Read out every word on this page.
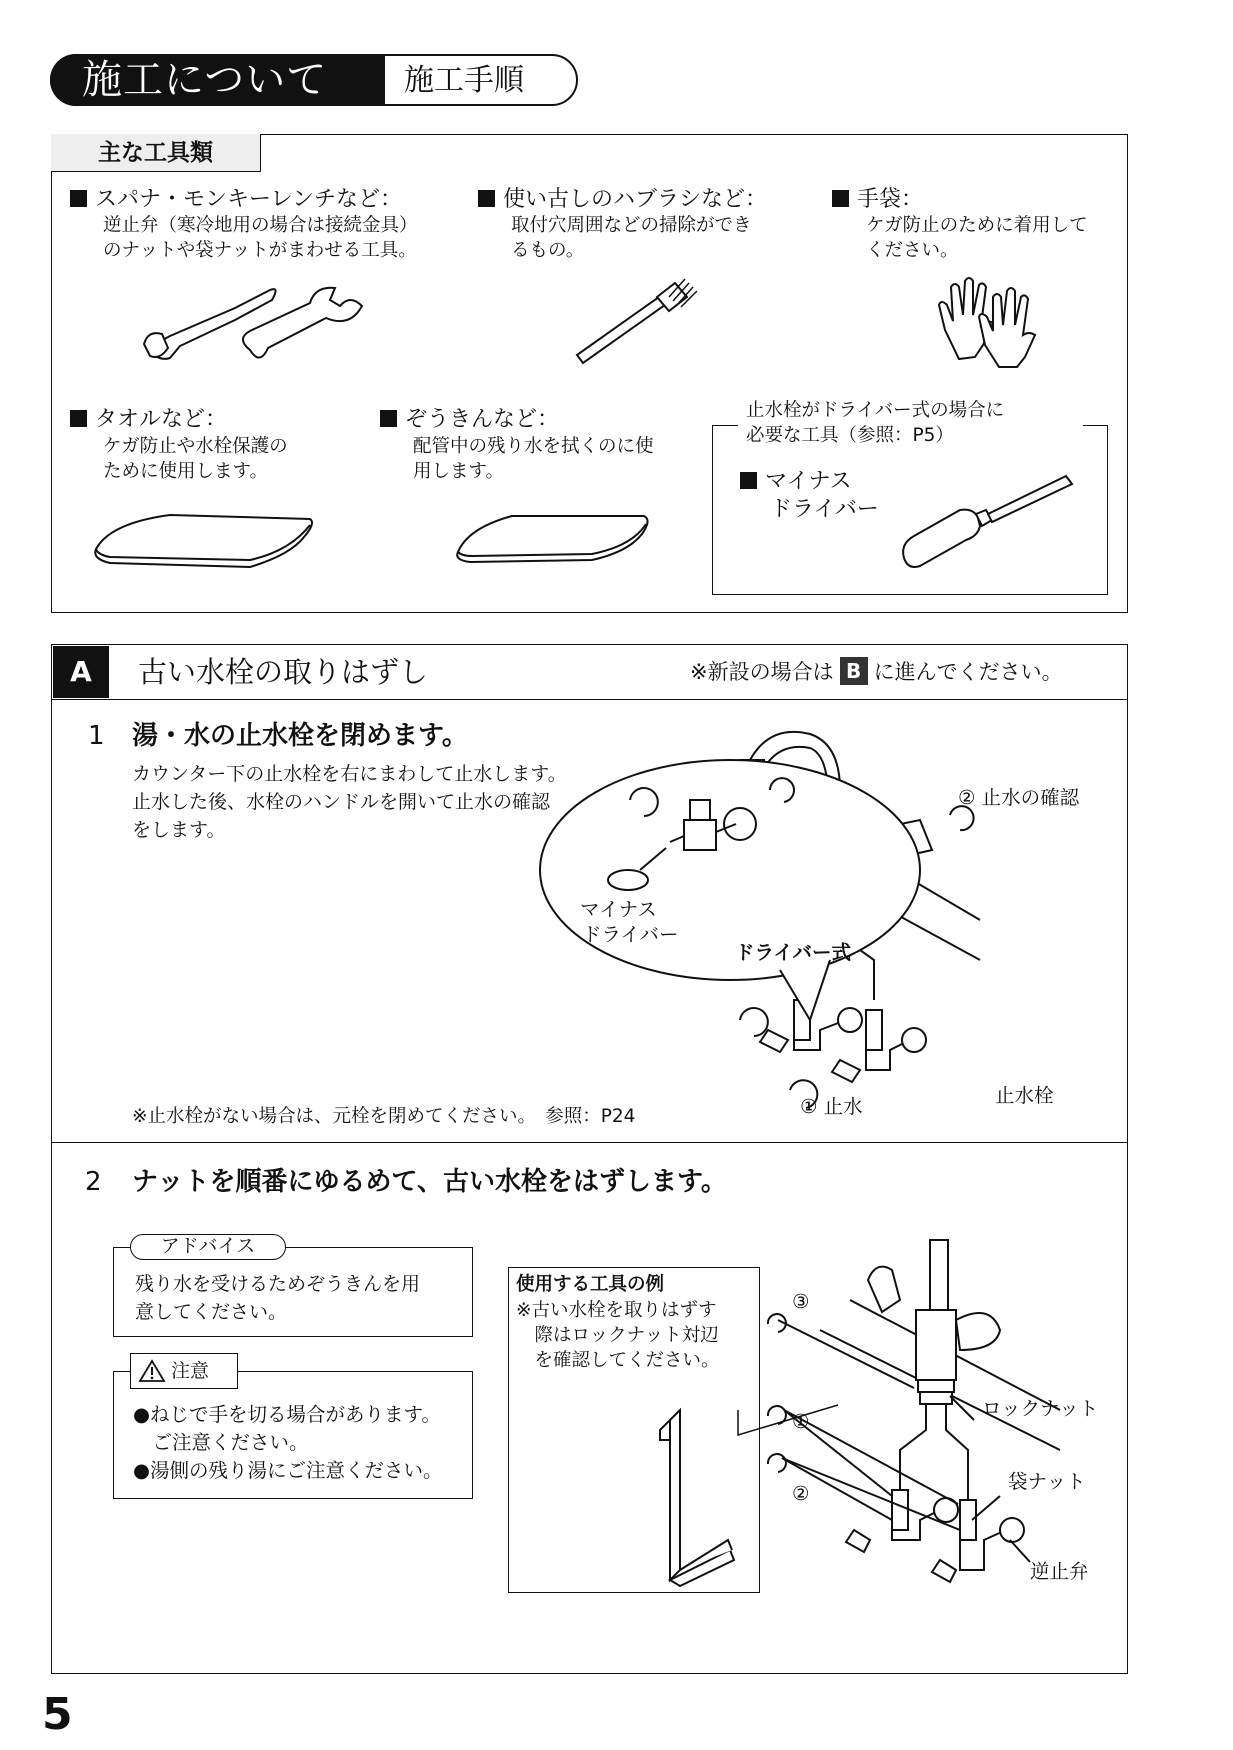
施工について	施工手順
主な工具類
スパナ・モンキーレンチなど：
逆止弁（寒冷地用の場合は接続金具）
のナットや袋ナットがまわせる工具。
使い古しのハブラシなど：
取付穴周囲などの掃除ができ
るもの。
手袋：
ケガ防止のために着用して
ください。
タオルなど：
ケガ防止や水栓保護の
ために使用します。
ぞうきんなど：
配管中の残り水を拭くのに使
用します。
止水栓がドライバー式の場合に
必要な工具（参照：P5）
マイナス
ドライバー
A	古い水栓の取りはずし	※新設の場合は B に進んでください。
1 湯・水の止水栓を閉めます。
カウンター下の止水栓を右にまわして止水します。
止水した後、水栓のハンドルを開いて止水の確認
をします。
※止水栓がない場合は、元栓を閉めてください。　参照：P24
② 止水の確認
マイナス
ドライバー
ドライバー式
① 止水	止水栓
2 ナットを順番にゆるめて、古い水栓をはずします。
アドバイス
残り水を受けるためぞうきんを用
意してください。
注意
●ねじで手を切る場合があります。
　ご注意ください。
●湯側の残り湯にご注意ください。
使用する工具の例
※古い水栓を取りはずす
　際はロックナット対辺
　を確認してください。
③
①
②
ロックナット
袋ナット
逆止弁
5
